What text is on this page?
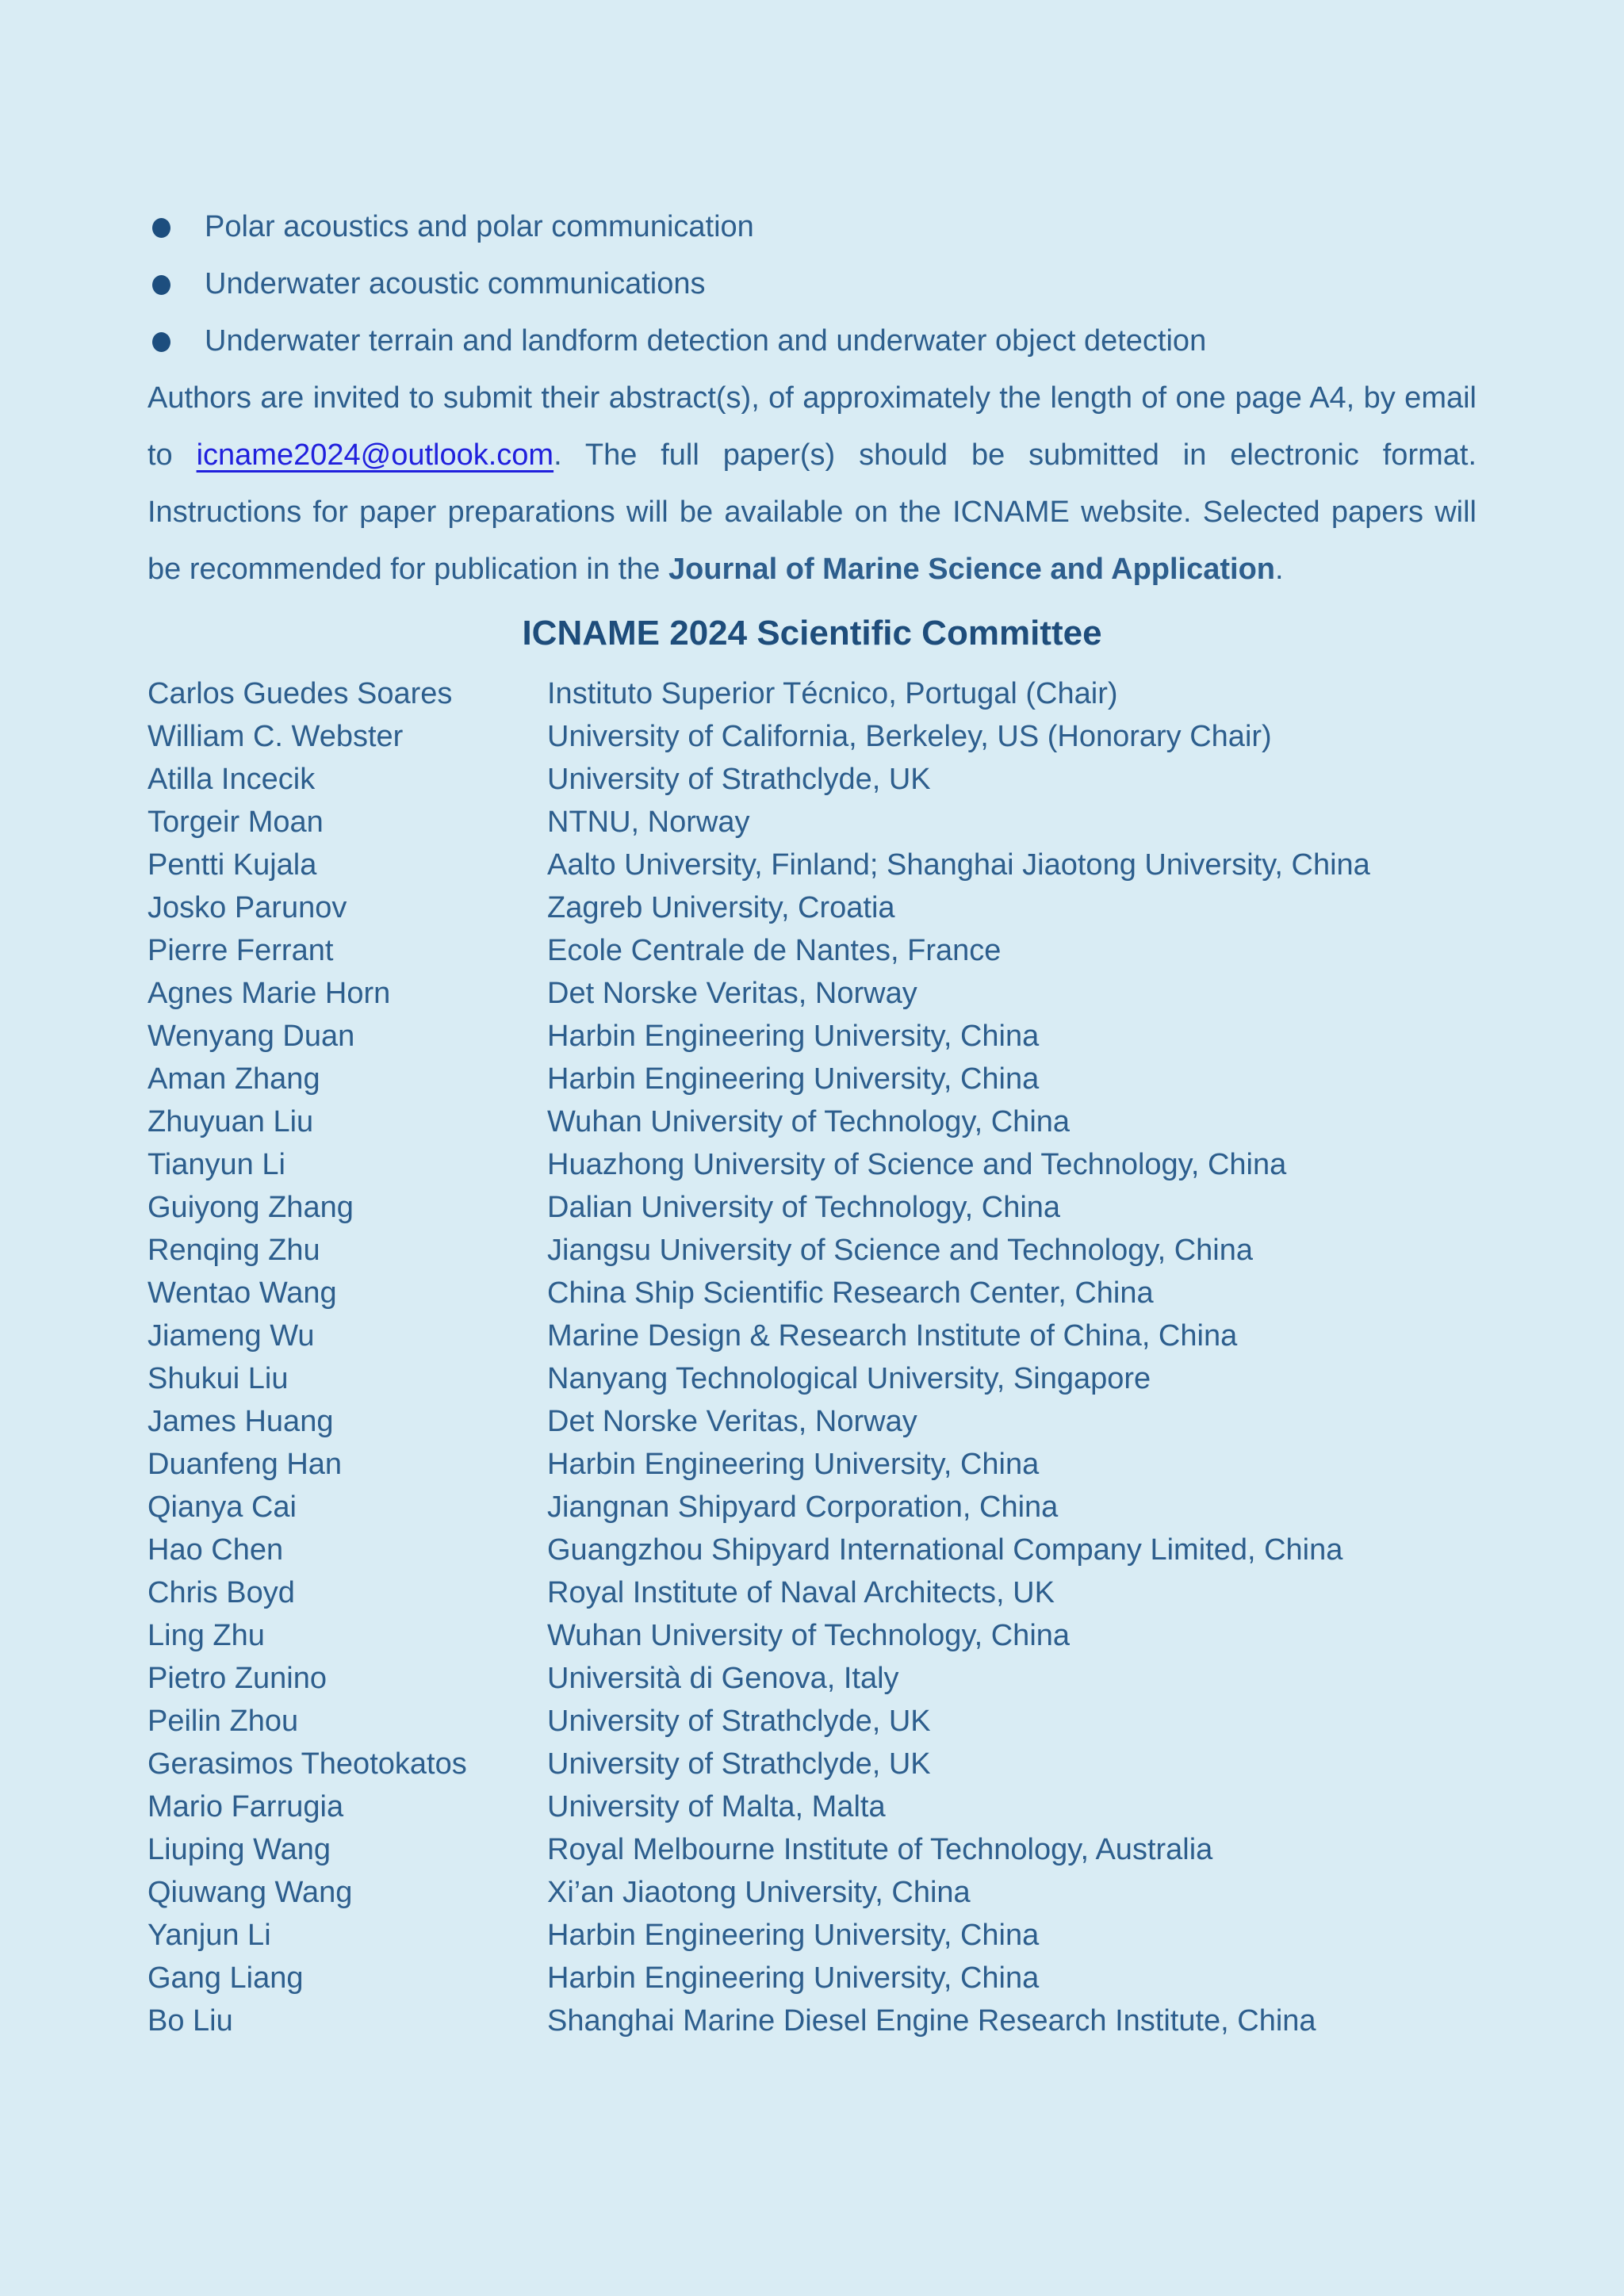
Polar acoustics and polar communication
Underwater acoustic communications
Underwater terrain and landform detection and underwater object detection

Authors are invited to submit their abstract(s), of approximately the length of one page A4, by email to icname2024@outlook.com. The full paper(s) should be submitted in electronic format. Instructions for paper preparations will be available on the ICNAME website. Selected papers will be recommended for publication in the Journal of Marine Science and Application.

ICNAME 2024 Scientific Committee
Carlos Guedes Soares	Instituto Superior Técnico, Portugal (Chair)
William C. Webster	University of California, Berkeley, US (Honorary Chair)
Atilla Incecik	University of Strathclyde, UK
Torgeir Moan	NTNU, Norway
Pentti Kujala	Aalto University, Finland; Shanghai Jiaotong University, China
Josko Parunov	Zagreb University, Croatia
Pierre Ferrant	Ecole Centrale de Nantes, France
Agnes Marie Horn	Det Norske Veritas, Norway
Wenyang Duan	Harbin Engineering University, China
Aman Zhang	Harbin Engineering University, China
Zhuyuan Liu	Wuhan University of Technology, China
Tianyun Li	Huazhong University of Science and Technology, China
Guiyong Zhang	Dalian University of Technology, China
Renqing Zhu	Jiangsu University of Science and Technology, China
Wentao Wang	China Ship Scientific Research Center, China
Jiameng Wu	Marine Design & Research Institute of China, China
Shukui Liu	Nanyang Technological University, Singapore
James Huang	Det Norske Veritas, Norway
Duanfeng Han	Harbin Engineering University, China
Qianya Cai	Jiangnan Shipyard Corporation, China
Hao Chen	Guangzhou Shipyard International Company Limited, China
Chris Boyd	Royal Institute of Naval Architects, UK
Ling Zhu	Wuhan University of Technology, China
Pietro Zunino	Università di Genova, Italy
Peilin Zhou	University of Strathclyde, UK
Gerasimos Theotokatos	University of Strathclyde, UK
Mario Farrugia	University of Malta, Malta
Liuping Wang	Royal Melbourne Institute of Technology, Australia
Qiuwang Wang	Xi’an Jiaotong University, China
Yanjun Li	Harbin Engineering University, China
Gang Liang	Harbin Engineering University, China
Bo Liu	Shanghai Marine Diesel Engine Research Institute, China
